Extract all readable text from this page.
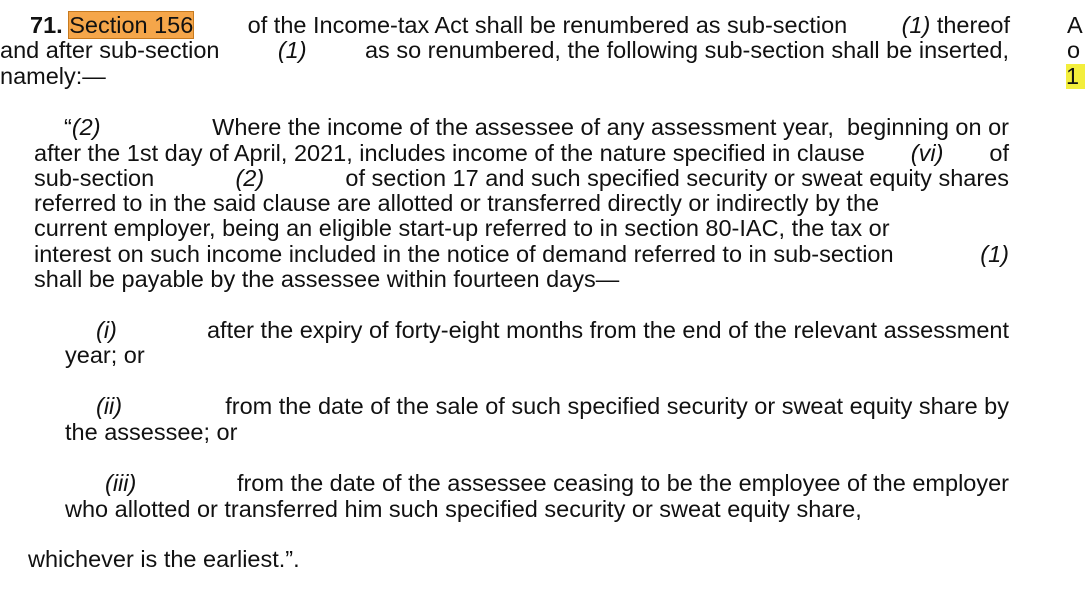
71. Section 156 of the Income-tax Act shall be renumbered as sub-section (1) thereof
and after sub-section (1) as so renumbered, the following sub-section shall be inserted,
namely:—
“(2)	Where the income of the assessee of any assessment year,  beginning on or
after the 1st day of April, 2021, includes income of the nature specified in clause (vi) of
sub-section	(2)	of section 17 and such specified security or sweat equity shares
referred to in the said clause are allotted or transferred directly or indirectly by the
current employer, being an eligible start-up referred to in section 80-IAC, the tax or
interest on such income included in the notice of demand referred to in sub-section	(1)
shall be payable by the assessee within fourteen days—
(i)	after the expiry of forty-eight months from the end of the relevant assessment
year; or
(ii)	from the date of the sale of such specified security or sweat equity share by
the assessee; or
(iii)	from the date of the assessee ceasing to be the employee of the employer
who allotted or transferred him such specified security or sweat equity share,
whichever is the earliest.”.
A
o
1
